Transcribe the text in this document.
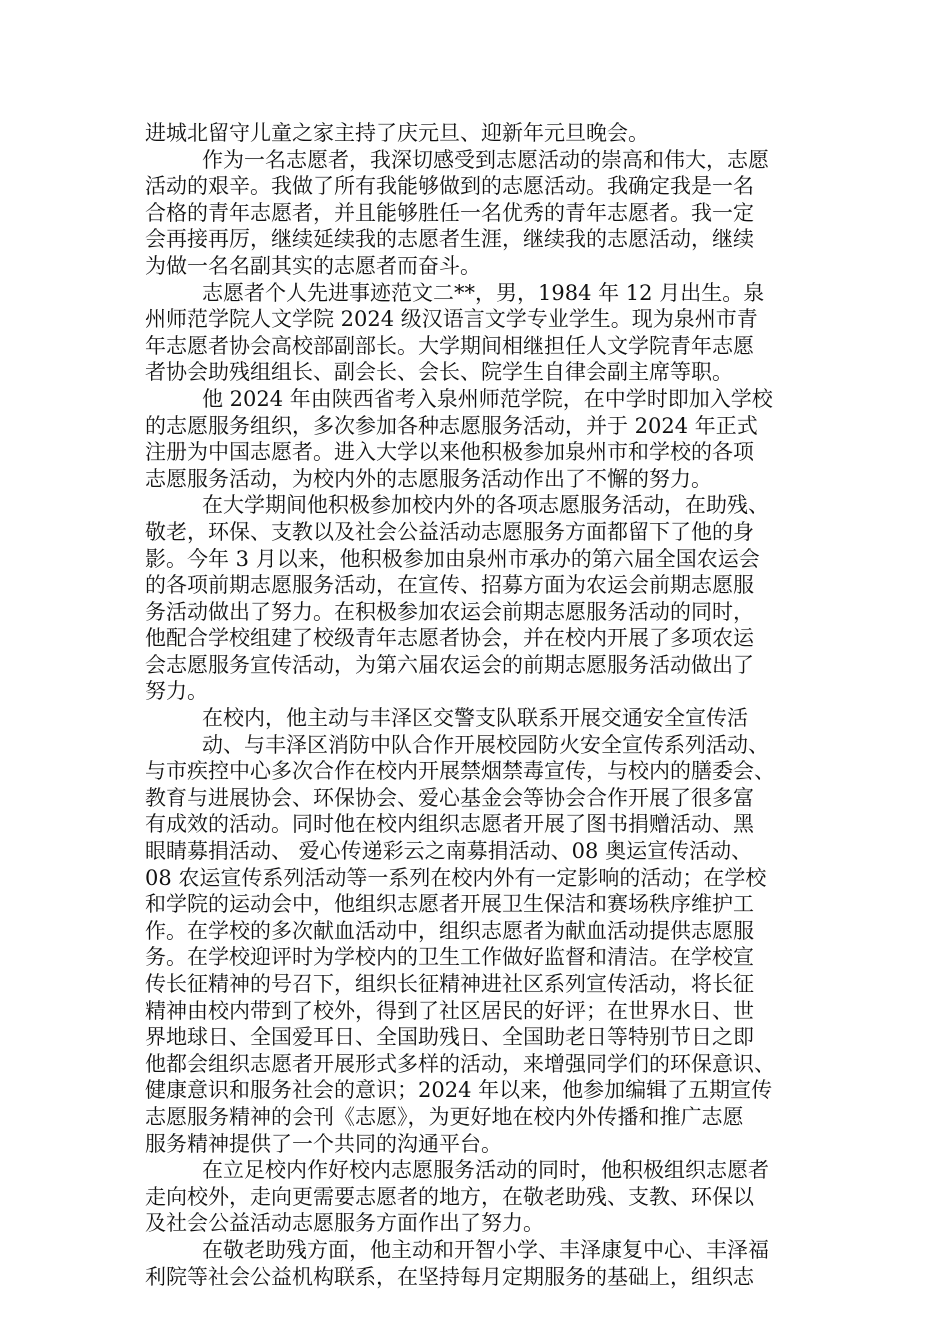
进城北留守儿童之家主持了庆元旦、迎新年元旦晚会。
作为一名志愿者，我深切感受到志愿活动的崇高和伟大，志愿
活动的艰辛。我做了所有我能够做到的志愿活动。我确定我是一名
合格的青年志愿者，并且能够胜任一名优秀的青年志愿者。我一定
会再接再厉，继续延续我的志愿者生涯，继续我的志愿活动，继续
为做一名名副其实的志愿者而奋斗。
志愿者个人先进事迹范文二**，男，1984 年 12 月出生。泉
州师范学院人文学院 2024 级汉语言文学专业学生。现为泉州市青
年志愿者协会高校部副部长。大学期间相继担任人文学院青年志愿
者协会助残组组长、副会长、会长、院学生自律会副主席等职。
他 2024 年由陕西省考入泉州师范学院，在中学时即加入学校
的志愿服务组织，多次参加各种志愿服务活动，并于 2024 年正式
注册为中国志愿者。进入大学以来他积极参加泉州市和学校的各项
志愿服务活动，为校内外的志愿服务活动作出了不懈的努力。
在大学期间他积极参加校内外的各项志愿服务活动，在助残、
敬老，环保、支教以及社会公益活动志愿服务方面都留下了他的身
影。今年 3 月以来，他积极参加由泉州市承办的第六届全国农运会
的各项前期志愿服务活动，在宣传、招募方面为农运会前期志愿服
务活动做出了努力。在积极参加农运会前期志愿服务活动的同时，
他配合学校组建了校级青年志愿者协会，并在校内开展了多项农运
会志愿服务宣传活动，为第六届农运会的前期志愿服务活动做出了
努力。
在校内，他主动与丰泽区交警支队联系开展交通安全宣传活
动、与丰泽区消防中队合作开展校园防火安全宣传系列活动、
与市疾控中心多次合作在校内开展禁烟禁毒宣传，与校内的膳委会、
教育与进展协会、环保协会、爱心基金会等协会合作开展了很多富
有成效的活动。同时他在校内组织志愿者开展了图书捐赠活动、黑
眼睛募捐活动、 爱心传递彩云之南募捐活动、08 奥运宣传活动、
08 农运宣传系列活动等一系列在校内外有一定影响的活动；在学校
和学院的运动会中，他组织志愿者开展卫生保洁和赛场秩序维护工
作。在学校的多次献血活动中，组织志愿者为献血活动提供志愿服
务。在学校迎评时为学校内的卫生工作做好监督和清洁。在学校宣
传长征精神的号召下，组织长征精神进社区系列宣传活动，将长征
精神由校内带到了校外，得到了社区居民的好评；在世界水日、世
界地球日、全国爱耳日、全国助残日、全国助老日等特别节日之即
他都会组织志愿者开展形式多样的活动，来增强同学们的环保意识、
健康意识和服务社会的意识；2024 年以来，他参加编辑了五期宣传
志愿服务精神的会刊《志愿》，为更好地在校内外传播和推广志愿
服务精神提供了一个共同的沟通平台。
在立足校内作好校内志愿服务活动的同时，他积极组织志愿者
走向校外，走向更需要志愿者的地方，在敬老助残、支教、环保以
及社会公益活动志愿服务方面作出了努力。
在敬老助残方面，他主动和开智小学、丰泽康复中心、丰泽福
利院等社会公益机构联系，在坚持每月定期服务的基础上，组织志
